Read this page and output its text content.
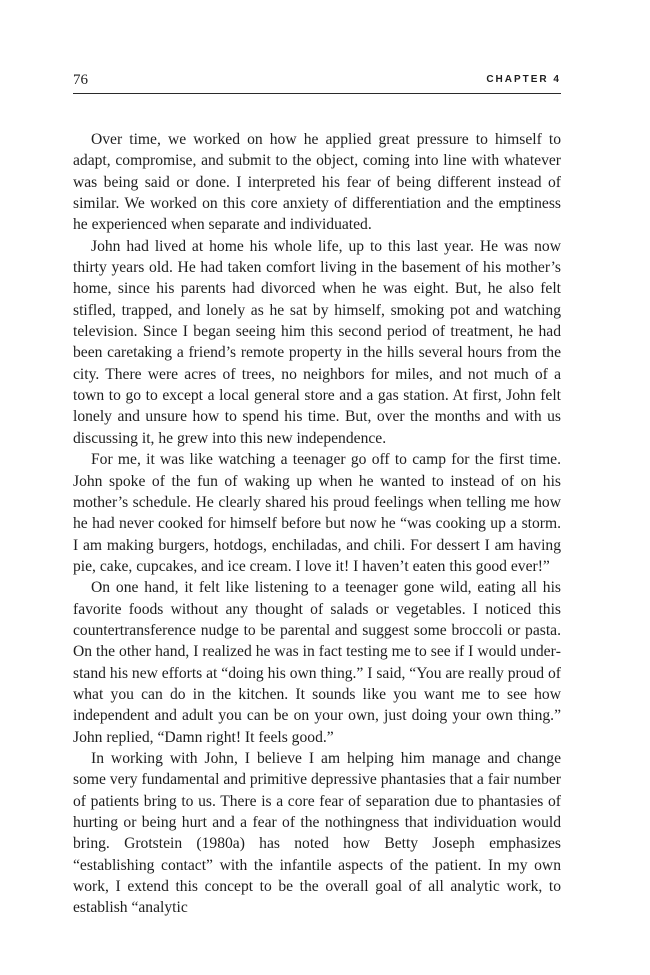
76	CHAPTER 4

Over time, we worked on how he applied great pressure to himself to adapt, compromise, and submit to the object, coming into line with whatever was being said or done. I interpreted his fear of being different instead of similar. We worked on this core anxiety of differentiation and the emptiness he experienced when separate and individuated.

John had lived at home his whole life, up to this last year. He was now thirty years old. He had taken comfort living in the basement of his mother’s home, since his parents had divorced when he was eight. But, he also felt stifled, trapped, and lonely as he sat by himself, smoking pot and watching television. Since I began seeing him this second period of treatment, he had been caretaking a friend’s remote property in the hills several hours from the city. There were acres of trees, no neighbors for miles, and not much of a town to go to except a local general store and a gas station. At first, John felt lonely and unsure how to spend his time. But, over the months and with us discussing it, he grew into this new independence.

For me, it was like watching a teenager go off to camp for the first time. John spoke of the fun of waking up when he wanted to instead of on his mother’s schedule. He clearly shared his proud feelings when telling me how he had never cooked for himself before but now he “was cooking up a storm. I am making burgers, hotdogs, enchiladas, and chili. For dessert I am having pie, cake, cupcakes, and ice cream. I love it! I haven’t eaten this good ever!”

On one hand, it felt like listening to a teenager gone wild, eating all his favorite foods without any thought of salads or vegetables. I noticed this countertransference nudge to be parental and suggest some broccoli or pasta. On the other hand, I realized he was in fact testing me to see if I would understand his new efforts at “doing his own thing.” I said, “You are really proud of what you can do in the kitchen. It sounds like you want me to see how independent and adult you can be on your own, just doing your own thing.” John replied, “Damn right! It feels good.”

In working with John, I believe I am helping him manage and change some very fundamental and primitive depressive phantasies that a fair number of patients bring to us. There is a core fear of separation due to phantasies of hurting or being hurt and a fear of the nothingness that individuation would bring. Grotstein (1980a) has noted how Betty Joseph emphasizes “establishing contact” with the infantile aspects of the patient. In my own work, I extend this concept to be the overall goal of all analytic work, to establish “analytic
